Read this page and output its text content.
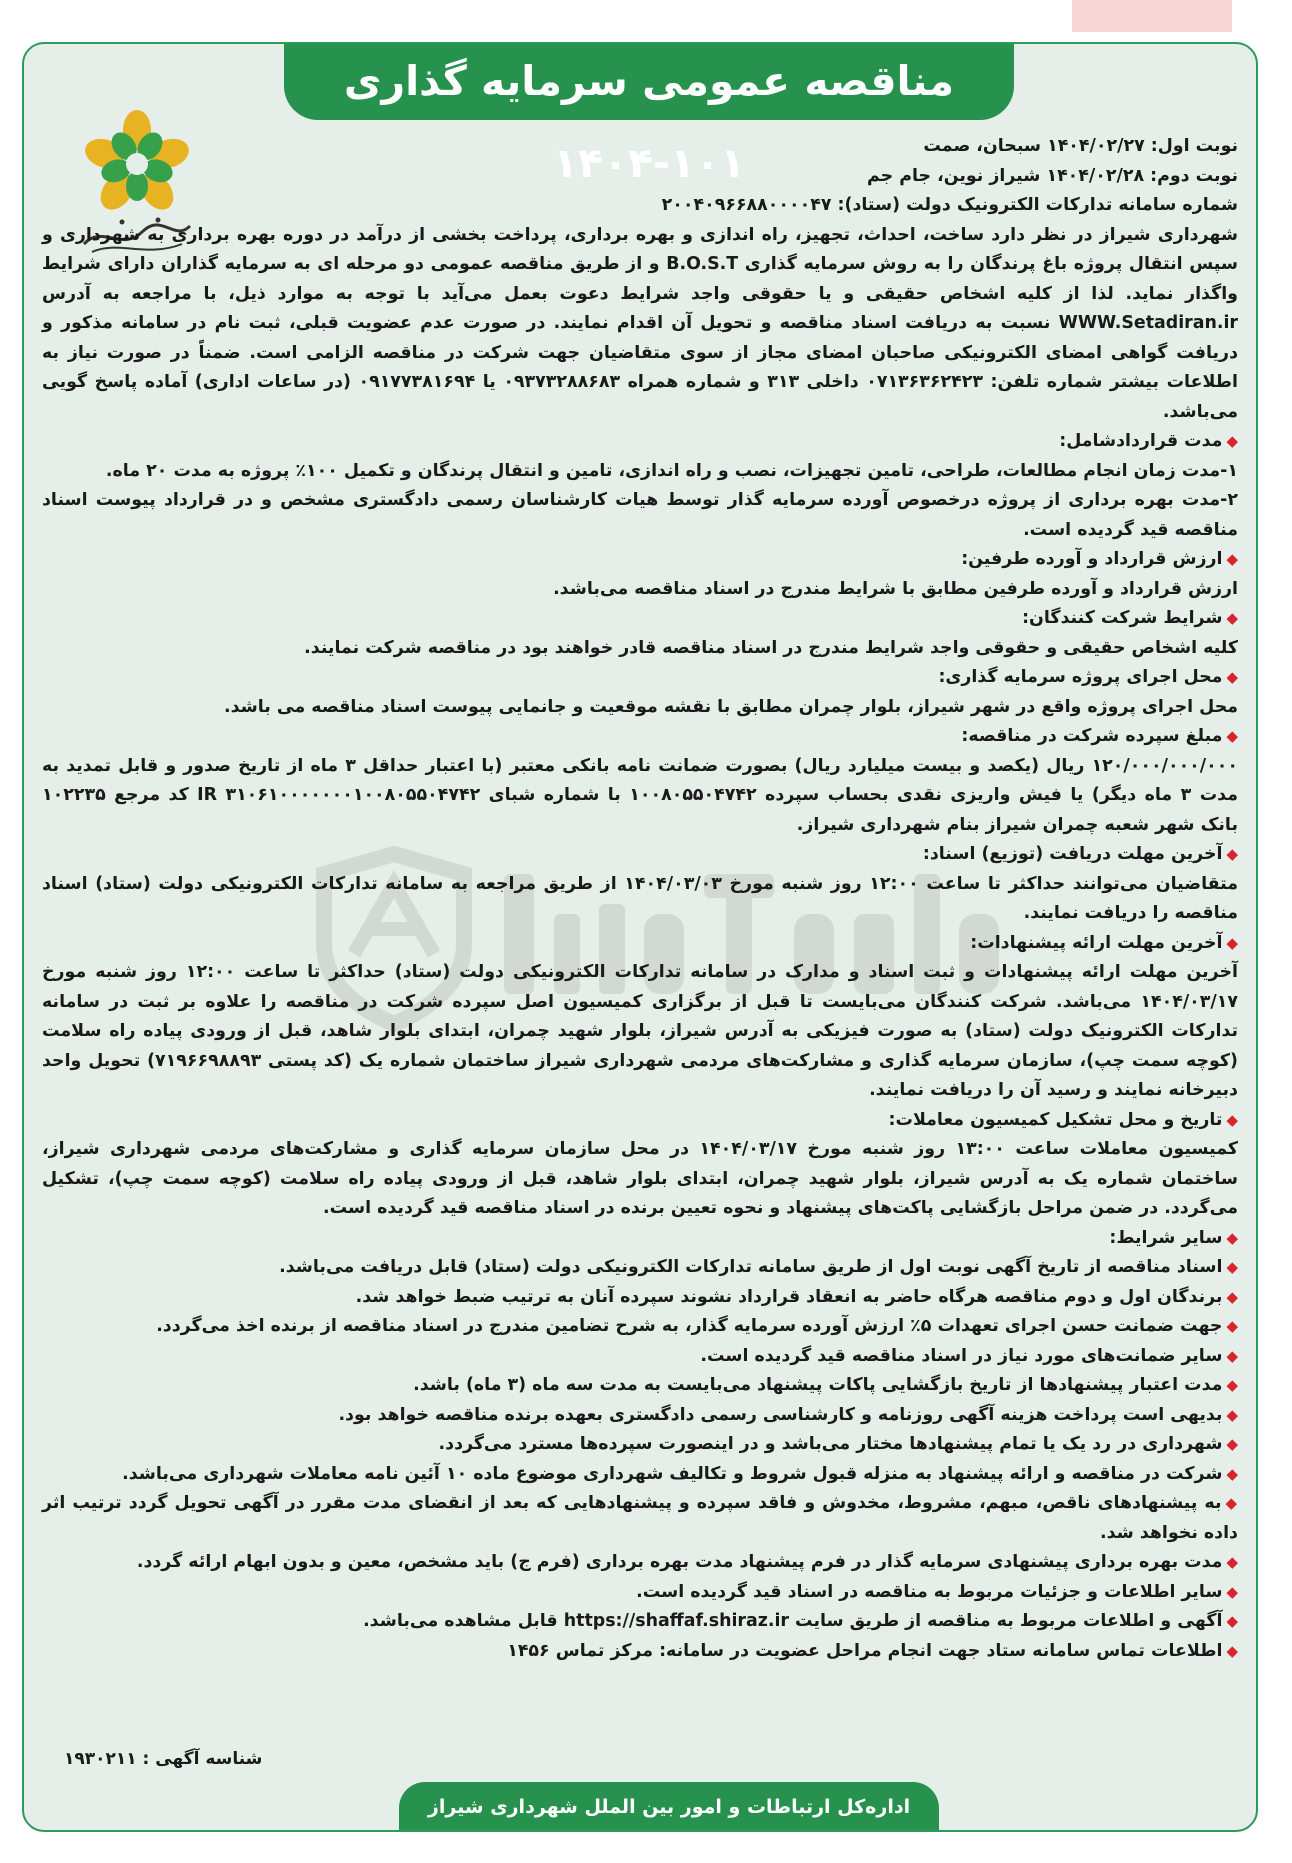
مناقصه عمومی سرمایه گذاری ۱۰۱-۱۴۰۴	نوبت اول: ۱۴۰۴/۰۲/۲۷ سبحان، صمت

نوبت دوم: ۱۴۰۴/۰۲/۲۸ شیراز نوین، جام جم

شماره سامانه تدارکات الکترونیک دولت (ستاد): ۲۰۰۴۰۹۶۶۸۸۰۰۰۰۴۷

شهرداری شیراز در نظر دارد ساخت، احداث، تجهیز، راه اندازی و بهره برداری، پرداخت بخشی از درآمد در دوره بهره برداری به شهرداری و سپس انتقال پروژه باغ پرندگان را به روش سرمایه گذاری B.O.S.T و از طریق مناقصه عمومی دو مرحله ای به سرمایه گذاران دارای شرایط واگذار نماید. لذا از کلیه اشخاص حقیقی و یا حقوقی واجد شرایط دعوت بعمل می‌آید با توجه به موارد ذیل، با مراجعه به آدرس WWW.Setadiran.ir نسبت به دریافت اسناد مناقصه و تحویل آن اقدام نمایند. در صورت عدم عضویت قبلی، ثبت نام در سامانه مذکور و دریافت گواهی امضای الکترونیکی صاحبان امضای مجاز از سوی متقاضیان جهت شرکت در مناقصه الزامی است. ضمناً در صورت نیاز به اطلاعات بیشتر شماره تلفن: ۰۷۱۳۶۳۶۲۴۲۳ داخلی ۳۱۳ و شماره همراه ۰۹۳۷۳۲۸۸۶۸۳ یا ۰۹۱۷۷۳۸۱۶۹۴ (در ساعات اداری) آماده پاسخ گویی می‌باشد.

◆مدت قراردادشامل:

۱-مدت زمان انجام مطالعات، طراحی، تامین تجهیزات، نصب و راه اندازی، تامین و انتقال پرندگان و تکمیل ۱۰۰٪ پروژه به مدت ۲۰ ماه.

۲-مدت بهره برداری از پروژه درخصوص آورده سرمایه گذار توسط هیات کارشناسان رسمی دادگستری مشخص و در قرارداد پیوست اسناد مناقصه قید گردیده است.

◆ارزش قرارداد و آورده طرفین:

ارزش قرارداد و آورده طرفین مطابق با شرایط مندرج در اسناد مناقصه می‌باشد.

◆شرایط شرکت کنندگان:

کلیه اشخاص حقیقی و حقوقی واجد شرایط مندرج در اسناد مناقصه قادر خواهند بود در مناقصه شرکت نمایند.

◆محل اجرای پروژه سرمایه گذاری:

محل اجرای پروژه واقع در شهر شیراز، بلوار چمران مطابق با نقشه موقعیت و جانمایی پیوست اسناد مناقصه می باشد.

◆مبلغ سپرده شرکت در مناقصه:

۱۲۰/۰۰۰/۰۰۰/۰۰۰ ریال (یکصد و بیست میلیارد ریال) بصورت ضمانت نامه بانکی معتبر (با اعتبار حداقل ۳ ماه از تاریخ صدور و قابل تمدید به مدت ۳ ماه دیگر) یا فیش واریزی نقدی بحساب سپرده ۱۰۰۸۰۵۵۰۴۷۴۲ با شماره شبای IR ۳۱۰۶۱۰۰۰۰۰۰۰۱۰۰۸۰۵۵۰۴۷۴۲ کد مرجع ۱۰۲۲۳۵ بانک شهر شعبه چمران شیراز بنام شهرداری شیراز.

◆آخرین مهلت دریافت (توزیع) اسناد:

متقاضیان می‌توانند حداکثر تا ساعت ۱۲:۰۰ روز شنبه مورخ ۱۴۰۴/۰۳/۰۳ از طریق مراجعه به سامانه تدارکات الکترونیکی دولت (ستاد) اسناد مناقصه را دریافت نمایند.

◆آخرین مهلت ارائه پیشنهادات:

آخرین مهلت ارائه پیشنهادات و ثبت اسناد و مدارک در سامانه تدارکات الکترونیکی دولت (ستاد) حداکثر تا ساعت ۱۲:۰۰ روز شنبه مورخ ۱۴۰۴/۰۳/۱۷ می‌باشد. شرکت کنندگان می‌بایست تا قبل از برگزاری کمیسیون اصل سپرده شرکت در مناقصه را علاوه بر ثبت در سامانه تدارکات الکترونیک دولت (ستاد) به صورت فیزیکی به آدرس شیراز، بلوار شهید چمران، ابتدای بلوار شاهد، قبل از ورودی پیاده راه سلامت (کوچه سمت چپ)، سازمان سرمایه گذاری و مشارکت‌های مردمی شهرداری شیراز ساختمان شماره یک (کد پستی ۷۱۹۶۶۹۸۸۹۳) تحویل واحد دبیرخانه نمایند و رسید آن را دریافت نمایند.

◆تاریخ و محل تشکیل کمیسیون معاملات:

کمیسیون معاملات ساعت ۱۳:۰۰ روز شنبه مورخ ۱۴۰۴/۰۳/۱۷ در محل سازمان سرمایه گذاری و مشارکت‌های مردمی شهرداری شیراز، ساختمان شماره یک به آدرس شیراز، بلوار شهید چمران، ابتدای بلوار شاهد، قبل از ورودی پیاده راه سلامت (کوچه سمت چپ)، تشکیل می‌گردد. در ضمن مراحل بازگشایی پاکت‌های پیشنهاد و نحوه تعیین برنده در اسناد مناقصه قید گردیده است.

◆سایر شرایط:

◆اسناد مناقصه از تاریخ آگهی نوبت اول از طریق سامانه تدارکات الکترونیکی دولت (ستاد) قابل دریافت می‌باشد.

◆برندگان اول و دوم مناقصه هرگاه حاضر به انعقاد قرارداد نشوند سپرده آنان به ترتیب ضبط خواهد شد.

◆جهت ضمانت حسن اجرای تعهدات ۵٪ ارزش آورده سرمایه گذار، به شرح تضامین مندرج در اسناد مناقصه از برنده اخذ می‌گردد.

◆سایر ضمانت‌های مورد نیاز در اسناد مناقصه قید گردیده است.

◆مدت اعتبار پیشنهادها از تاریخ بازگشایی پاکات پیشنهاد می‌بایست به مدت سه ماه (۳ ماه) باشد.

◆بدیهی است پرداخت هزینه آگهی روزنامه و کارشناسی رسمی دادگستری بعهده برنده مناقصه خواهد بود.

◆شهرداری در رد یک یا تمام پیشنهادها مختار می‌باشد و در اینصورت سپرده‌ها مسترد می‌گردد.

◆شرکت در مناقصه و ارائه پیشنهاد به منزله قبول شروط و تکالیف شهرداری موضوع ماده ۱۰ آئین نامه معاملات شهرداری می‌باشد.

◆به پیشنهادهای ناقص، مبهم، مشروط، مخدوش و فاقد سپرده و پیشنهادهایی که بعد از انقضای مدت مقرر در آگهی تحویل گردد ترتیب اثر داده نخواهد شد.

◆مدت بهره برداری پیشنهادی سرمایه گذار در فرم پیشنهاد مدت بهره برداری (فرم ج) باید مشخص، معین و بدون ابهام ارائه گردد.

◆سایر اطلاعات و جزئیات مربوط به مناقصه در اسناد قید گردیده است.

◆آگهی و اطلاعات مربوط به مناقصه از طریق سایت https://shaffaf.shiraz.ir قابل مشاهده می‌باشد.

◆اطلاعات تماس سامانه ستاد جهت انجام مراحل عضویت در سامانه: مرکز تماس ۱۴۵۶

شناسه آگهی : ۱۹۳۰۲۱۱
اداره‌کل ارتباطات و امور بین الملل شهرداری شیراز
